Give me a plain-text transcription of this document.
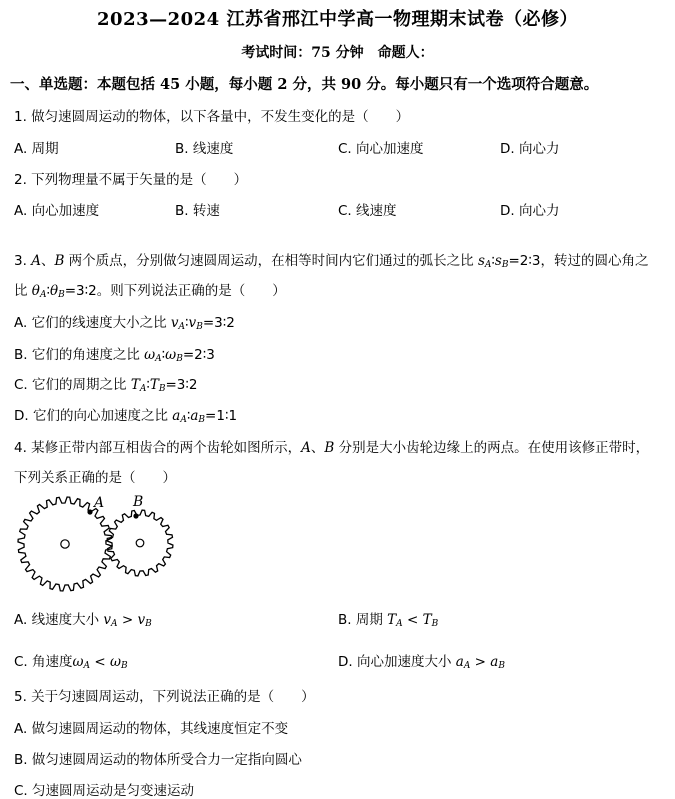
2023—2024 江苏省邢江中学高一物理期末试卷（必修）
考试时间：75 分钟　命题人：
一、单选题：本题包括 45 小题，每小题 2 分，共 90 分。每小题只有一个选项符合题意。
1. 做匀速圆周运动的物体，以下各量中，不发生变化的是（　　）
A. 周期	B. 线速度	C. 向心加速度	D. 向心力
2. 下列物理量不属于矢量的是（　　）
A. 向心加速度	B. 转速	C. 线速度	D. 向心力
3. A、B 两个质点，分别做匀速圆周运动，在相等时间内它们通过的弧长之比 $s_A∶s_B=2∶3$，转过的圆心角之
比 $\theta_A∶\theta_B=3∶2$。则下列说法正确的是（　　）
A. 它们的线速度大小之比 $v_A∶v_B=3∶2$
B. 它们的角速度之比 $\omega_A∶\omega_B=2∶3$
C. 它们的周期之比 $T_A∶T_B=3∶2$
D. 它们的向心加速度之比 $a_A∶a_B=1∶1$
4. 某修正带内部互相齿合的两个齿轮如图所示，A、B 分别是大小齿轮边缘上的两点。在使用该修正带时，
下列关系正确的是（　　）
A B
A. 线速度大小 $v_A > v_B$	B. 周期 $T_A < T_B$
C. 角速度$\omega_A < \omega_B$	D. 向心加速度大小 $a_A > a_B$
5. 关于匀速圆周运动，下列说法正确的是（　　）
A. 做匀速圆周运动的物体，其线速度恒定不变
B. 做匀速圆周运动的物体所受合力一定指向圆心
C. 匀速圆周运动是匀变速运动
